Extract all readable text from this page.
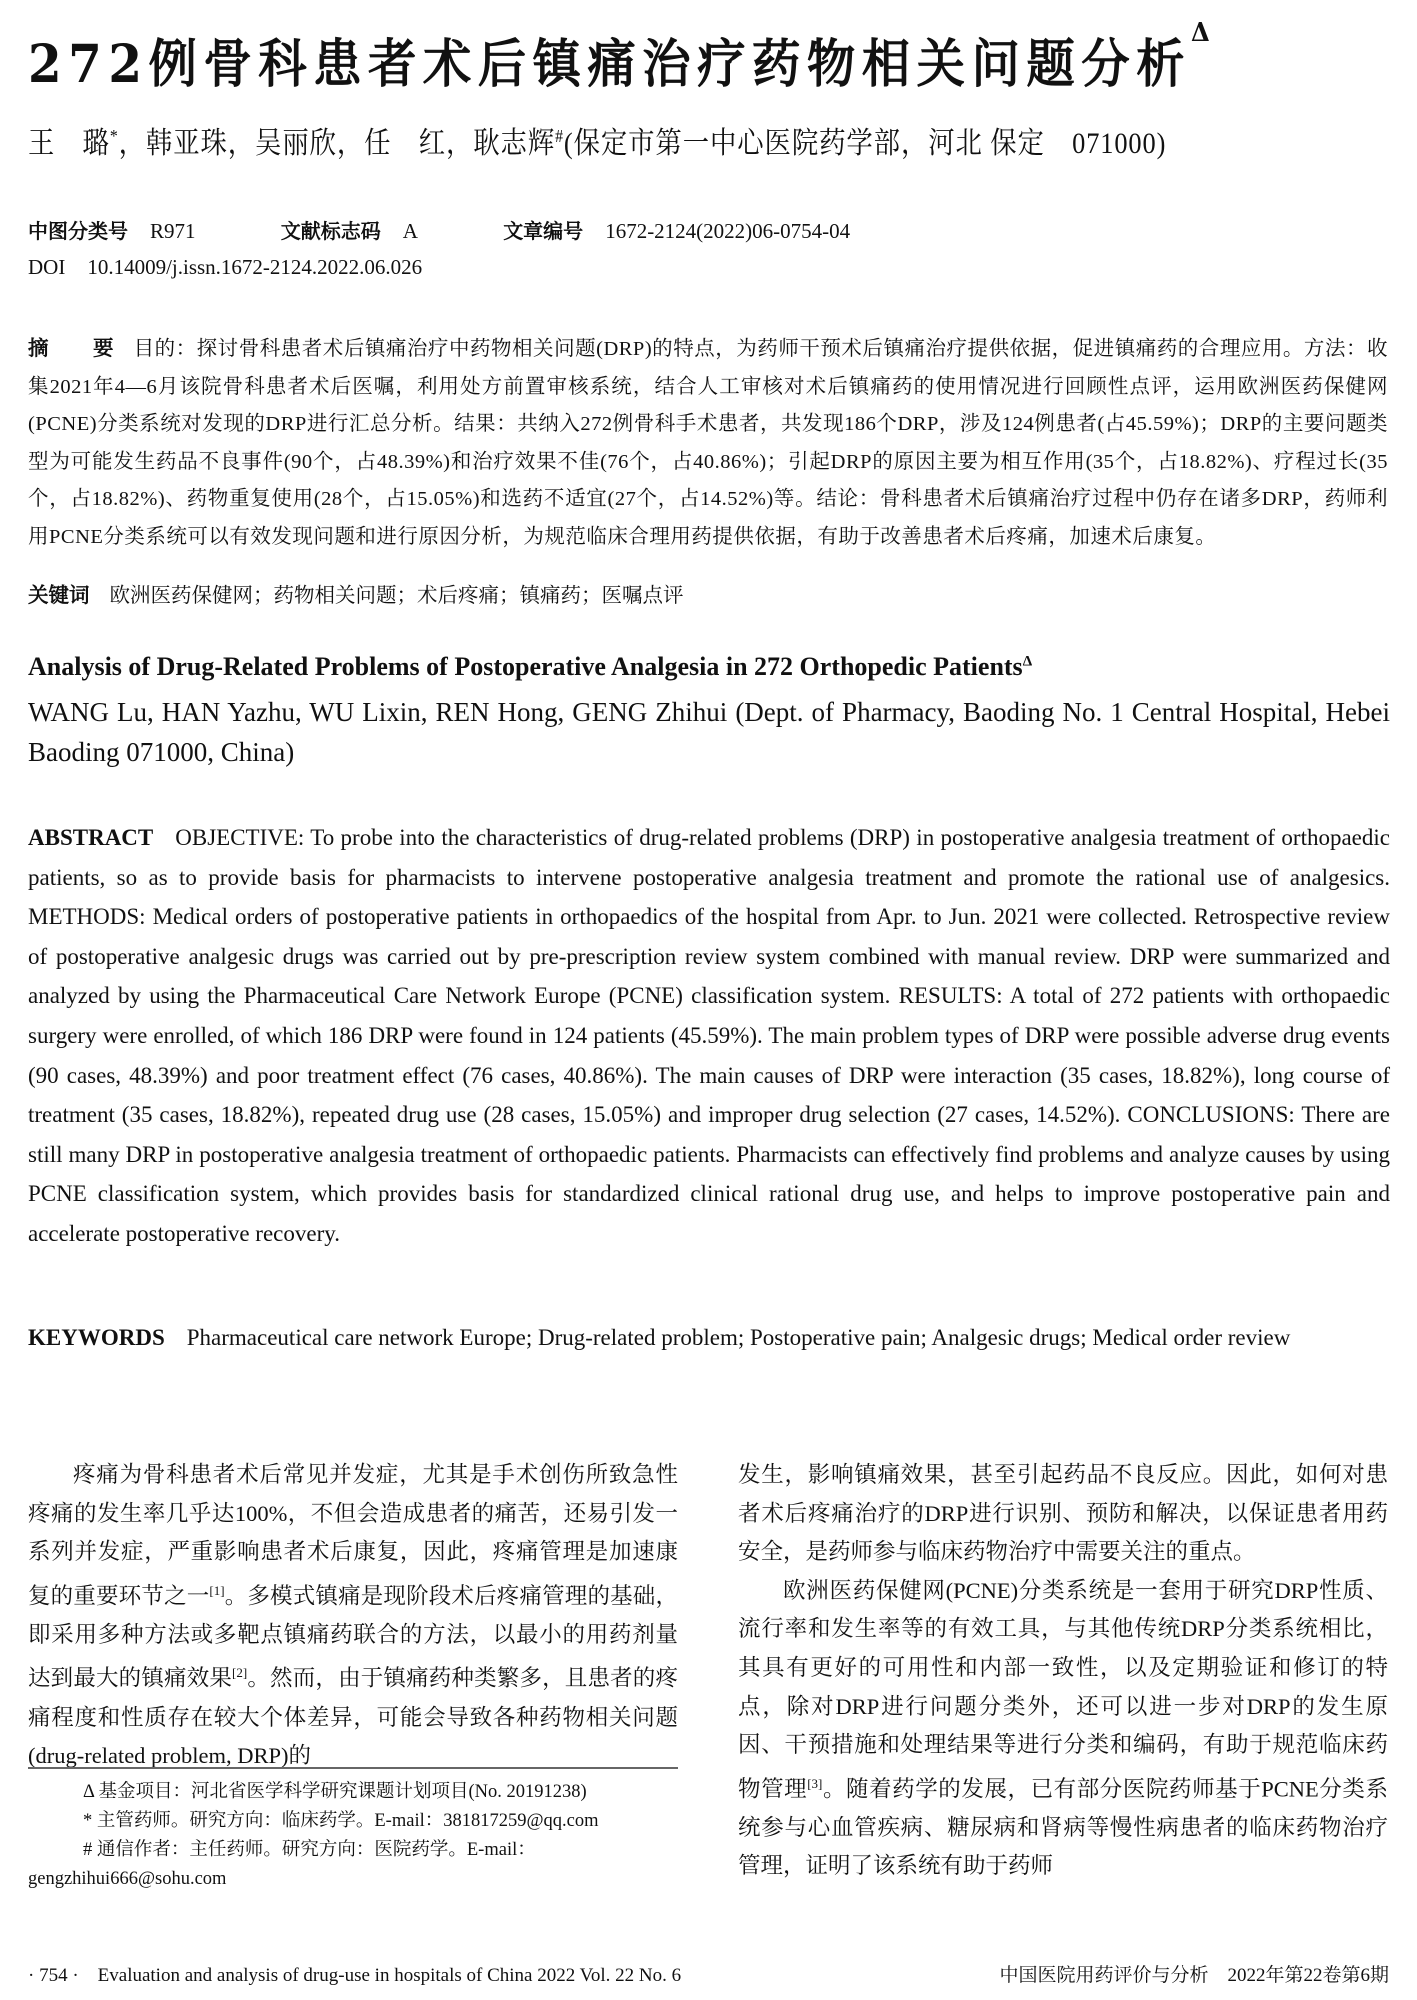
272例骨科患者术后镇痛治疗药物相关问题分析$^\Delta$
王　璐*，韩亚珠，吴丽欣，任　红，耿志辉#(保定市第一中心医院药学部，河北 保定　071000)
中图分类号 R971	文献标志码 A	文章编号 1672-2124(2022)06-0754-04
DOI 10.14009/j.issn.1672-2124.2022.06.026
摘　要 目的：探讨骨科患者术后镇痛治疗中药物相关问题(DRP)的特点，为药师干预术后镇痛治疗提供依据，促进镇痛药的合理应用。方法：收集2021年4—6月该院骨科患者术后医嘱，利用处方前置审核系统，结合人工审核对术后镇痛药的使用情况进行回顾性点评，运用欧洲医药保健网(PCNE)分类系统对发现的DRP进行汇总分析。结果：共纳入272例骨科手术患者，共发现186个DRP，涉及124例患者(占45.59%)；DRP的主要问题类型为可能发生药品不良事件(90个，占48.39%)和治疗效果不佳(76个，占40.86%)；引起DRP的原因主要为相互作用(35个，占18.82%)、疗程过长(35个，占18.82%)、药物重复使用(28个，占15.05%)和选药不适宜(27个，占14.52%)等。结论：骨科患者术后镇痛治疗过程中仍存在诸多DRP，药师利用PCNE分类系统可以有效发现问题和进行原因分析，为规范临床合理用药提供依据，有助于改善患者术后疼痛，加速术后康复。
关键词 欧洲医药保健网；药物相关问题；术后疼痛；镇痛药；医嘱点评
Analysis of Drug-Related Problems of Postoperative Analgesia in 272 Orthopedic Patients$^\Delta$
WANG Lu, HAN Yazhu, WU Lixin, REN Hong, GENG Zhihui (Dept. of Pharmacy, Baoding No. 1 Central Hospital, Hebei Baoding 071000, China)
ABSTRACT OBJECTIVE: To probe into the characteristics of drug-related problems (DRP) in postoperative analgesia treatment of orthopaedic patients, so as to provide basis for pharmacists to intervene postoperative analgesia treatment and promote the rational use of analgesics. METHODS: Medical orders of postoperative patients in orthopaedics of the hospital from Apr. to Jun. 2021 were collected. Retrospective review of postoperative analgesic drugs was carried out by pre-prescription review system combined with manual review. DRP were summarized and analyzed by using the Pharmaceutical Care Network Europe (PCNE) classification system. RESULTS: A total of 272 patients with orthopaedic surgery were enrolled, of which 186 DRP were found in 124 patients (45.59%). The main problem types of DRP were possible adverse drug events (90 cases, 48.39%) and poor treatment effect (76 cases, 40.86%). The main causes of DRP were interaction (35 cases, 18.82%), long course of treatment (35 cases, 18.82%), repeated drug use (28 cases, 15.05%) and improper drug selection (27 cases, 14.52%). CONCLUSIONS: There are still many DRP in postoperative analgesia treatment of orthopaedic patients. Pharmacists can effectively find problems and analyze causes by using PCNE classification system, which provides basis for standardized clinical rational drug use, and helps to improve postoperative pain and accelerate postoperative recovery.
KEYWORDS Pharmaceutical care network Europe; Drug-related problem; Postoperative pain; Analgesic drugs; Medical order review

疼痛为骨科患者术后常见并发症，尤其是手术创伤所致急性疼痛的发生率几乎达100%，不但会造成患者的痛苦，还易引发一系列并发症，严重影响患者术后康复，因此，疼痛管理是加速康复的重要环节之一[1]。多模式镇痛是现阶段术后疼痛管理的基础，即采用多种方法或多靶点镇痛药联合的方法，以最小的用药剂量达到最大的镇痛效果[2]。然而，由于镇痛药种类繁多，且患者的疼痛程度和性质存在较大个体差异，可能会导致各种药物相关问题(drug-related problem, DRP)的

Δ 基金项目：河北省医学科学研究课题计划项目(No. 20191238)
* 主管药师。研究方向：临床药学。E-mail：381817259@qq.com
# 通信作者：主任药师。研究方向：医院药学。E-mail：
gengzhihui666@sohu.com

发生，影响镇痛效果，甚至引起药品不良反应。因此，如何对患者术后疼痛治疗的DRP进行识别、预防和解决，以保证患者用药安全，是药师参与临床药物治疗中需要关注的重点。

欧洲医药保健网(PCNE)分类系统是一套用于研究DRP性质、流行率和发生率等的有效工具，与其他传统DRP分类系统相比，其具有更好的可用性和内部一致性，以及定期验证和修订的特点，除对DRP进行问题分类外，还可以进一步对DRP的发生原因、干预措施和处理结果等进行分类和编码，有助于规范临床药物管理[3]。随着药学的发展，已有部分医院药师基于PCNE分类系统参与心血管疾病、糖尿病和肾病等慢性病患者的临床药物治疗管理，证明了该系统有助于药师

· 754 ·　Evaluation and analysis of drug-use in hospitals of China 2022 Vol. 22 No. 6	中国医院用药评价与分析　2022年第22卷第6期
